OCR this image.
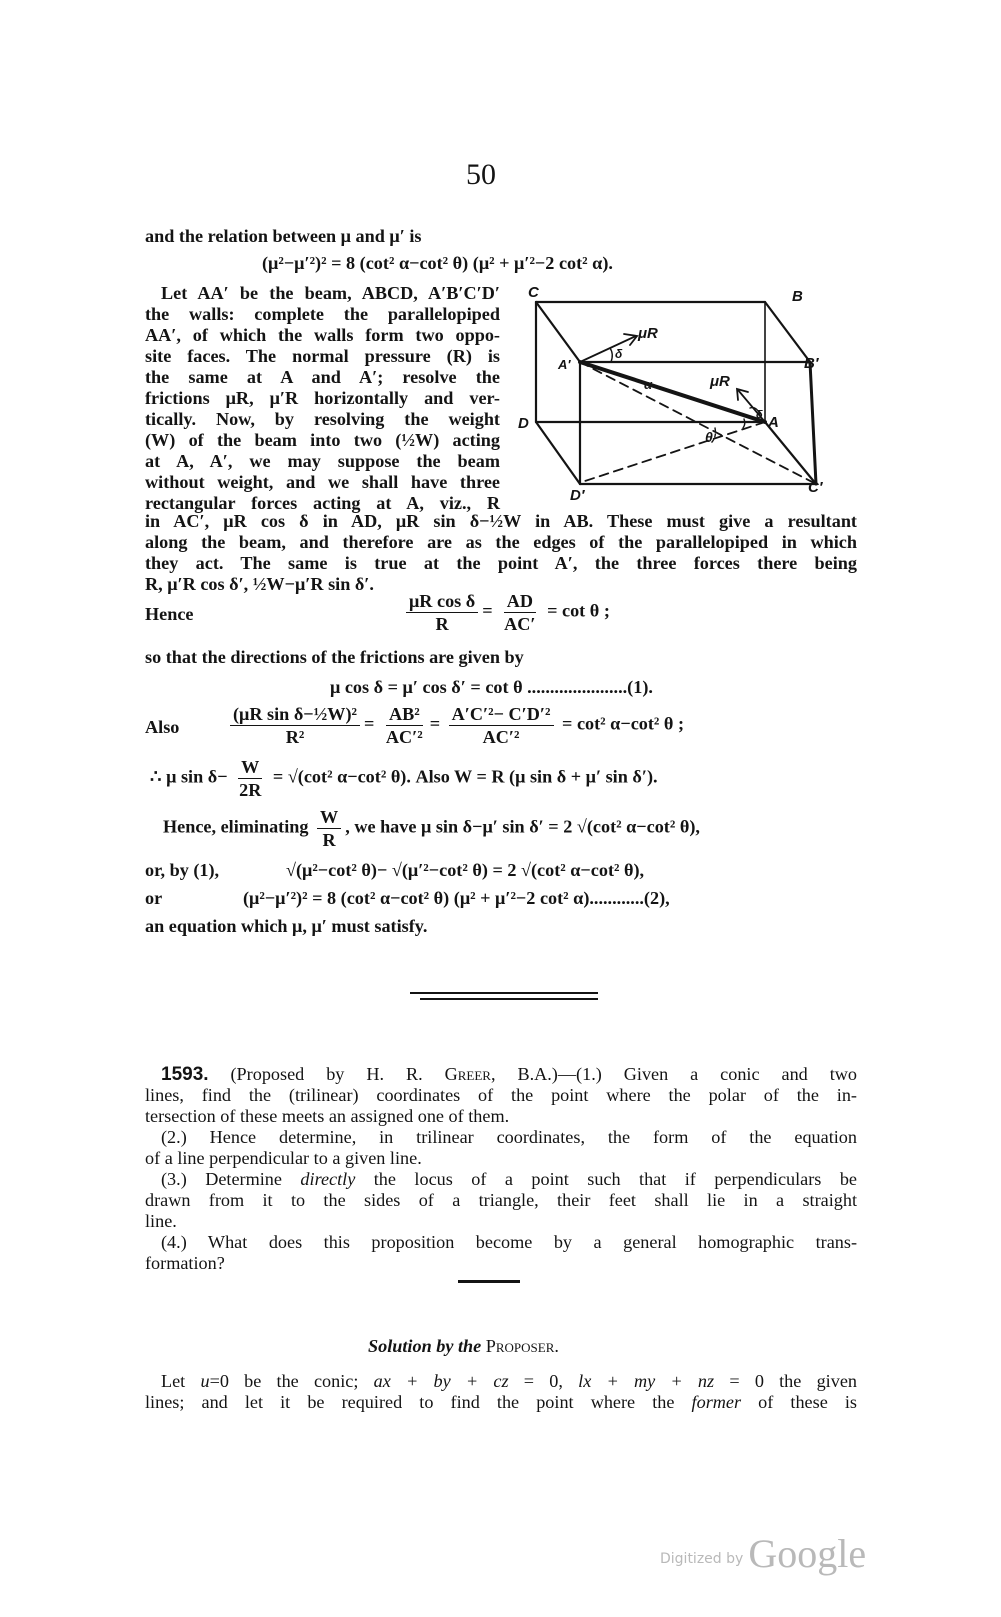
50
and the relation between μ and μ′ is
(μ²−μ′²)² = 8 (cot² α−cot² θ) (μ² + μ′²−2 cot² α).
Let AA′ be the beam, ABCD, A′B′C′D′
the walls: complete the parallelopiped
AA′, of which the walls form two oppo-
site faces. The normal pressure (R) is
the same at A and A′; resolve the
frictions μR, μ′R horizontally and ver-
tically. Now, by resolving the weight
(W) of the beam into two (½W) acting
at A, A′, we may suppose the beam
without weight, and we shall have three
rectangular forces acting at A, viz., R
C	B
A′	B′
D	A
D′	C′
μR
μR
δ
δ
θ
α
in AC′, μR cos δ in AD, μR sin δ−½W in AB. These must give a resultant
along the beam, and therefore are as the edges of the parallelopiped in which
they act. The same is true at the point A′, the three forces there being
R, μ′R cos δ′, ½W−μ′R sin δ′.
Hence	$\frac{\text{μR cos δ}}{R} = \frac{AD}{AC'} = \cot \theta$ ;
so that the directions of the frictions are given by
μ cos δ = μ′ cos δ′ = cot θ ......................(1).
Also	$\frac{\text{(μR sin δ−½W)²}}{\text{R²}} = \frac{\text{AB²}}{\text{AC′²}} = \frac{\text{A′C′²− C′D′²}}{\text{AC′²}} = \cot^2$ α−cot² θ ;
∴ μ $\sin \delta- \frac{W}{2R} = √(\cot^2$ α−cot² θ). Also W = R (μ sin δ + μ′ sin δ′).
Hence, eliminating $\frac{W}{R}$ , we have μ sin δ−μ′ sin δ′ = 2 √(cot² α−cot² θ),
or, by (1),	√(μ²−cot² θ)− √(μ′²−cot² θ) = 2 √(cot² α−cot² θ),
or	(μ²−μ′²)² = 8 (cot² α−cot² θ) (μ² + μ′²−2 cot² α)............(2),
an equation which μ, μ′ must satisfy.
1593. (Proposed by H. R. Greer, B.A.)—(1.) Given a conic and two
lines, find the (trilinear) coordinates of the point where the polar of the in-
tersection of these meets an assigned one of them.
(2.) Hence determine, in trilinear coordinates, the form of the equation
of a line perpendicular to a given line.
(3.) Determine directly the locus of a point such that if perpendiculars be
drawn from it to the sides of a triangle, their feet shall lie in a straight
line.
(4.) What does this proposition become by a general homographic trans-
formation?
Solution by the Proposer.
Let u=0 be the conic; ax + by + cz = 0, lx + my + nz = 0 the given
lines; and let it be required to find the point where the former of these is
Digitized by Google
